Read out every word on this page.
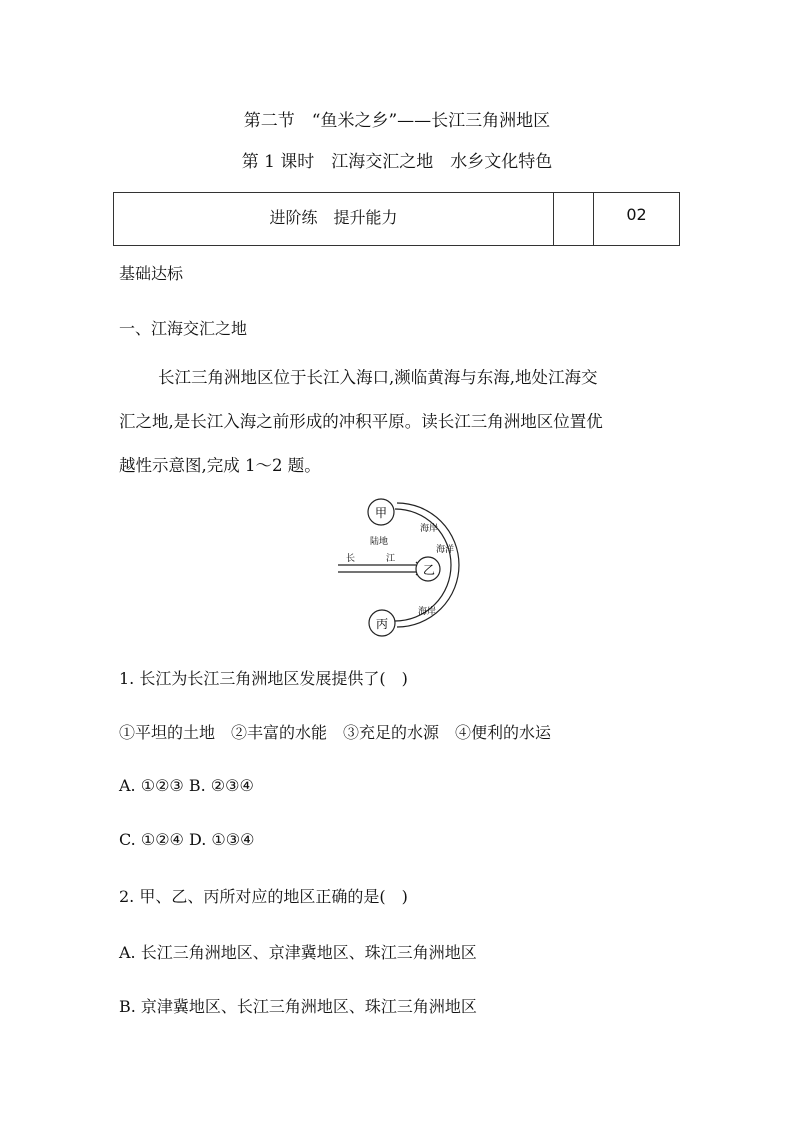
第二节　“鱼米之乡”——长江三角洲地区
第 1 课时　江海交汇之地　水乡文化特色
进阶练　提升能力	02
基础达标
一、江海交汇之地
长江三角洲地区位于长江入海口,濒临黄海与东海,地处江海交
汇之地,是长江入海之前形成的冲积平原。读长江三角洲地区位置优
越性示意图,完成 1～2 题。
甲
乙
丙
海岸
海洋
陆地
长	江
海岸
1. 长江为长江三角洲地区发展提供了(　)
①平坦的土地　②丰富的水能　③充足的水源　④便利的水运
A. ①②③ B. ②③④
C. ①②④ D. ①③④
2. 甲、乙、丙所对应的地区正确的是(　)
A. 长江三角洲地区、京津冀地区、珠江三角洲地区
B. 京津冀地区、长江三角洲地区、珠江三角洲地区
